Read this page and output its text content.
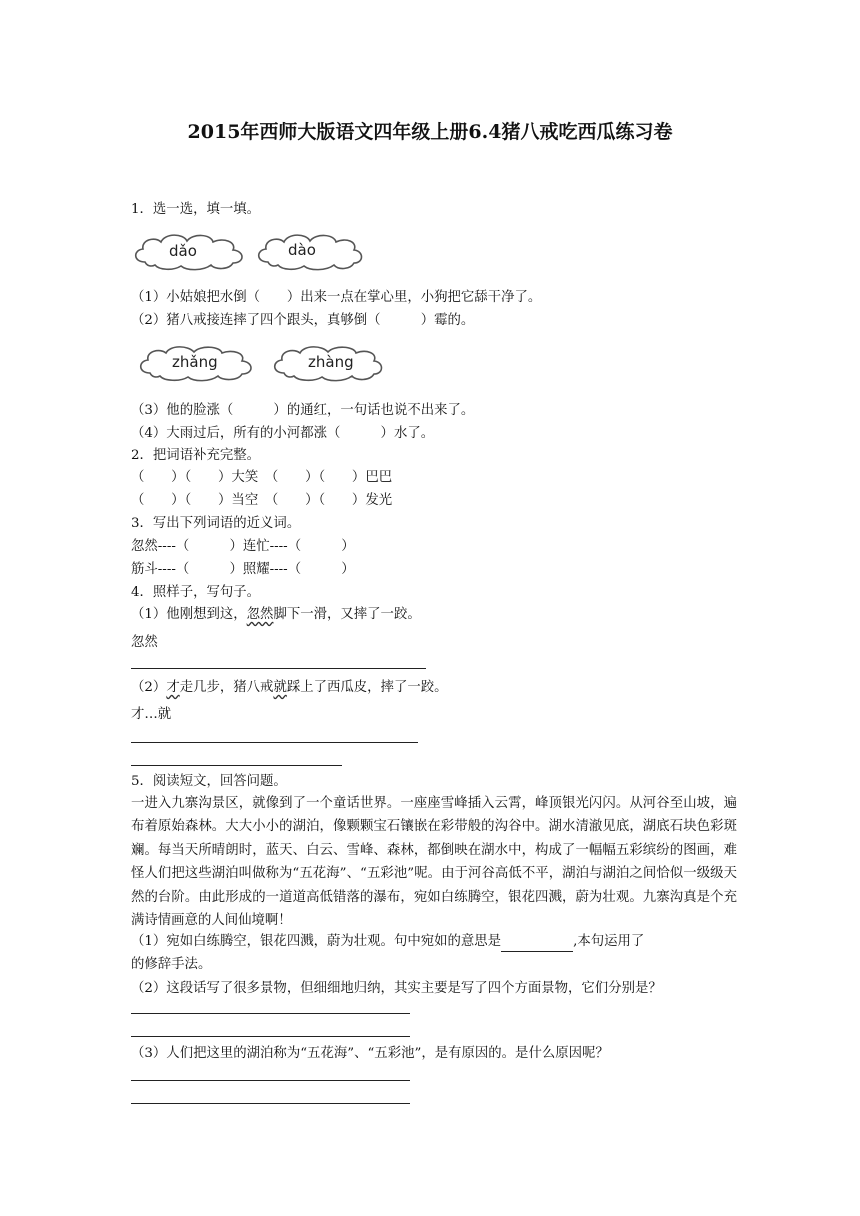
2015年西师大版语文四年级上册6.4猪八戒吃西瓜练习卷
1．选一选，填一填。
dǎo	dào
（1）小姑娘把水倒（　　）出来一点在掌心里，小狗把它舔干净了。
（2）猪八戒接连摔了四个跟头，真够倒（　　　）霉的。
zhǎng	zhàng
（3）他的脸涨（　　　）的通红，一句话也说不出来了。
（4）大雨过后，所有的小河都涨（　　　）水了。
2．把词语补充完整。
（　　）（　　）大笑　（　　）（　　）巴巴
（　　）（　　）当空　（　　）（　　）发光
3．写出下列词语的近义词。
忽然----（　　　）连忙----（　　　）
筋斗----（　　　）照耀----（　　　）
4．照样子，写句子。
（1）他刚想到这，忽然脚下一滑，又摔了一跤。
忽然
（2）才走几步，猪八戒就踩上了西瓜皮，摔了一跤。
才…就
5．阅读短文，回答问题。
一进入九寨沟景区，就像到了一个童话世界。一座座雪峰插入云霄，峰顶银光闪闪。从河谷至山坡，遍布着原始森林。大大小小的湖泊，像颗颗宝石镶嵌在彩带般的沟谷中。湖水清澈见底，湖底石块色彩斑斓。每当天所晴朗时，蓝天、白云、雪峰、森林，都倒映在湖水中，构成了一幅幅五彩缤纷的图画，难怪人们把这些湖泊叫做称为“五花海”、“五彩池”呢。由于河谷高低不平，湖泊与湖泊之间恰似一级级天然的台阶。由此形成的一道道高低错落的瀑布，宛如白练腾空，银花四溅，蔚为壮观。九寨沟真是个充满诗情画意的人间仙境啊！
（1）宛如白练腾空，银花四溅，蔚为壮观。句中宛如的意思是	,本句运用了
的修辞手法。
（2）这段话写了很多景物，但细细地归纳，其实主要是写了四个方面景物，它们分别是？
（3）人们把这里的湖泊称为“五花海”、“五彩池”，是有原因的。是什么原因呢？
